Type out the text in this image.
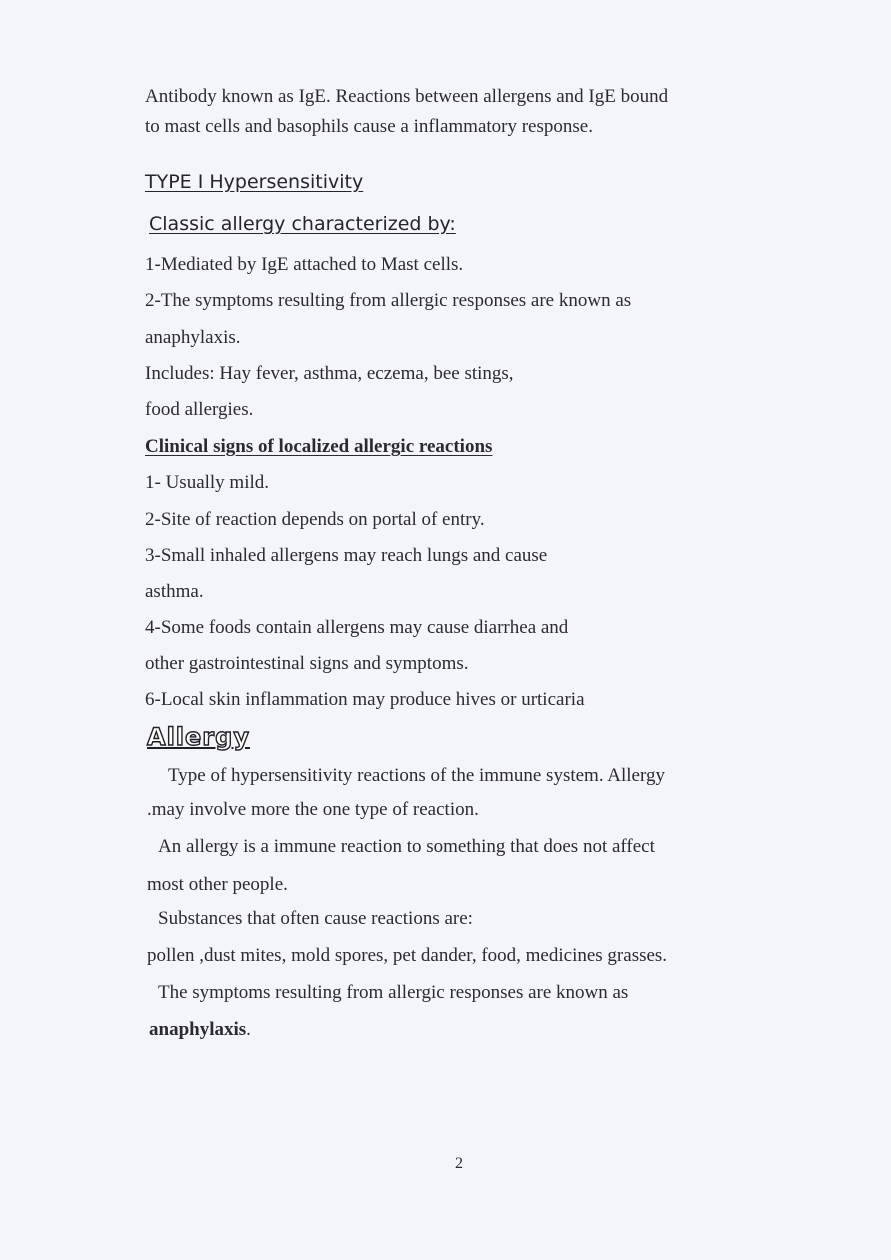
Antibody known as IgE. Reactions between allergens and IgE bound
to mast cells and basophils cause a inflammatory response.
TYPE I Hypersensitivity
Classic allergy characterized by:
1-Mediated by IgE attached to Mast cells.
2-The symptoms resulting from allergic responses are known as
anaphylaxis.
Includes: Hay fever, asthma, eczema, bee stings,
food allergies.
Clinical signs of localized allergic reactions
1- Usually mild.
2-Site of reaction depends on portal of entry.
3-Small inhaled allergens may reach lungs and cause
asthma.
4-Some foods contain allergens may cause diarrhea and
other gastrointestinal signs and symptoms.
6-Local skin inflammation may produce hives or urticaria
Allergy
Type of hypersensitivity reactions of the immune system. Allergy
.may involve more the one type of reaction.
An allergy is a immune reaction to something that does not affect
most other people.
Substances that often cause reactions are:
pollen ,dust mites, mold spores, pet dander, food, medicines grasses.
The symptoms resulting from allergic responses are known as
anaphylaxis.
2
